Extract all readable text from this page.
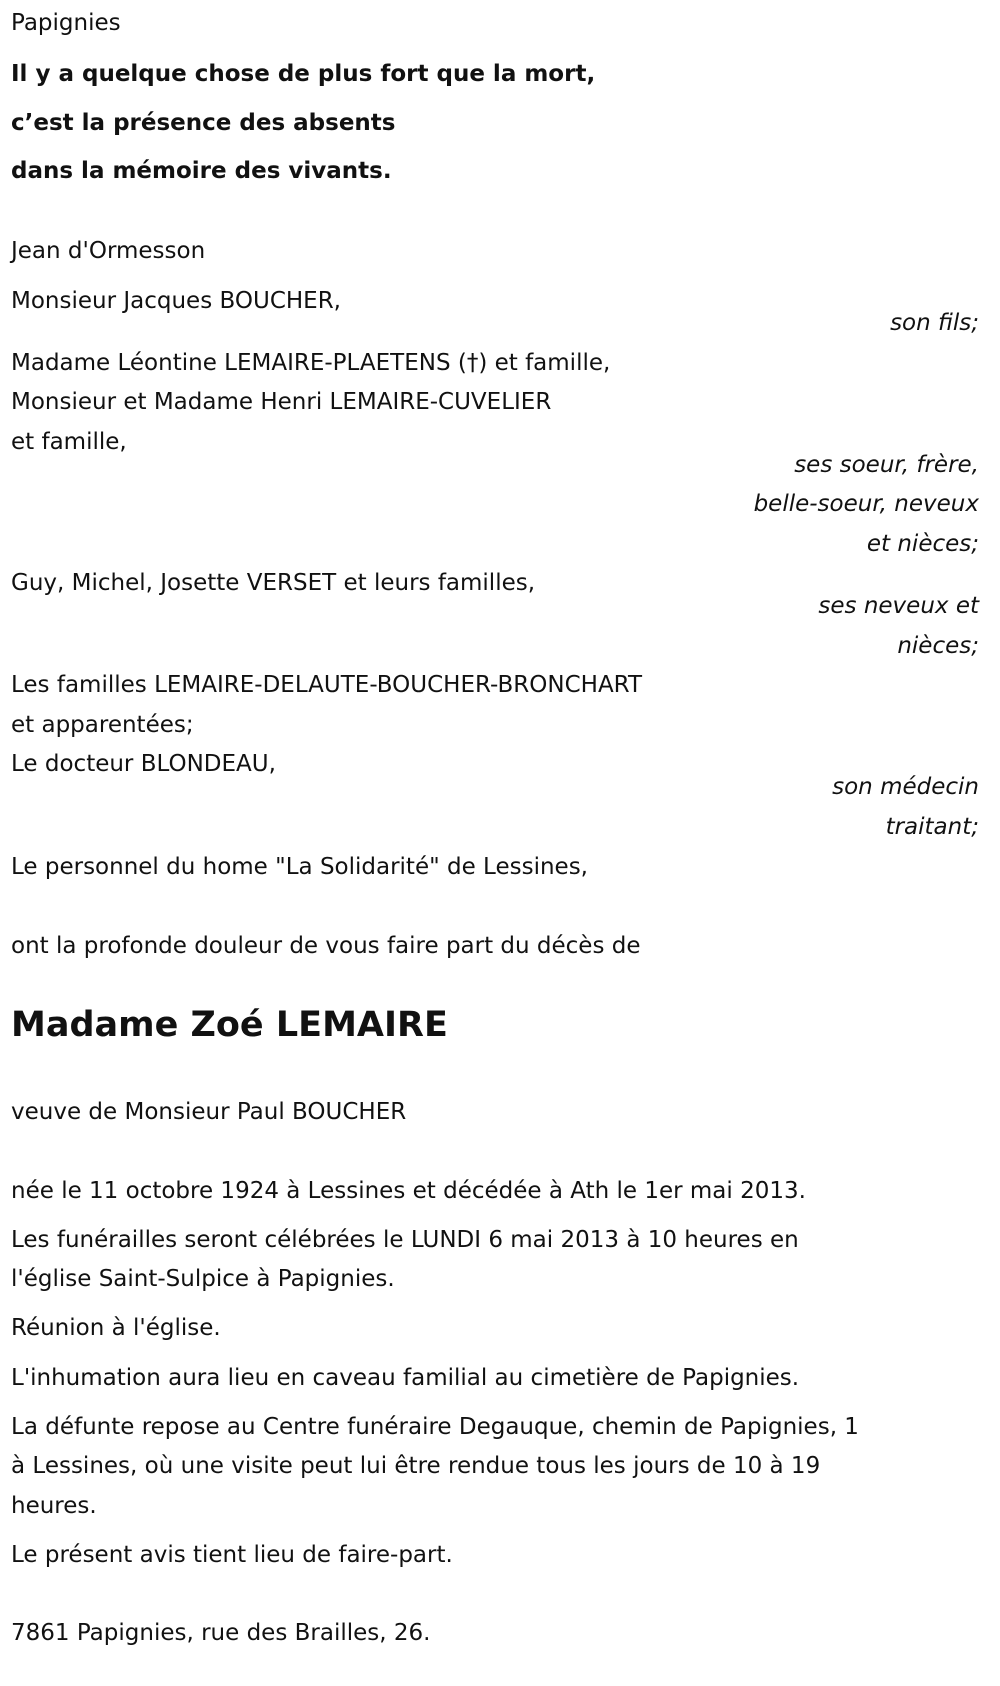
Papignies
Il y a quelque chose de plus fort que la mort,
c’est la présence des absents
dans la mémoire des vivants.
Jean d'Ormesson
Monsieur Jacques BOUCHER,
son fils;
Madame Léontine LEMAIRE-PLAETENS (†) et famille,
Monsieur et Madame Henri LEMAIRE-CUVELIER
et famille,
ses soeur, frère,
belle-soeur, neveux
et nièces;
Guy, Michel, Josette VERSET et leurs familles,
ses neveux et
nièces;
Les familles LEMAIRE-DELAUTE-BOUCHER-BRONCHART
et apparentées;
Le docteur BLONDEAU,
son médecin
traitant;
Le personnel du home "La Solidarité" de Lessines,
ont la profonde douleur de vous faire part du décès de
Madame Zoé LEMAIRE
veuve de Monsieur Paul BOUCHER
née le 11 octobre 1924 à Lessines et décédée à Ath le 1er mai 2013.
Les funérailles seront célébrées le LUNDI 6 mai 2013 à 10 heures en
l'église Saint-Sulpice à Papignies.
Réunion à l'église.
L'inhumation aura lieu en caveau familial au cimetière de Papignies.
La défunte repose au Centre funéraire Degauque, chemin de Papignies, 1
à Lessines, où une visite peut lui être rendue tous les jours de 10 à 19
heures.
Le présent avis tient lieu de faire-part.
7861 Papignies, rue des Brailles, 26.
